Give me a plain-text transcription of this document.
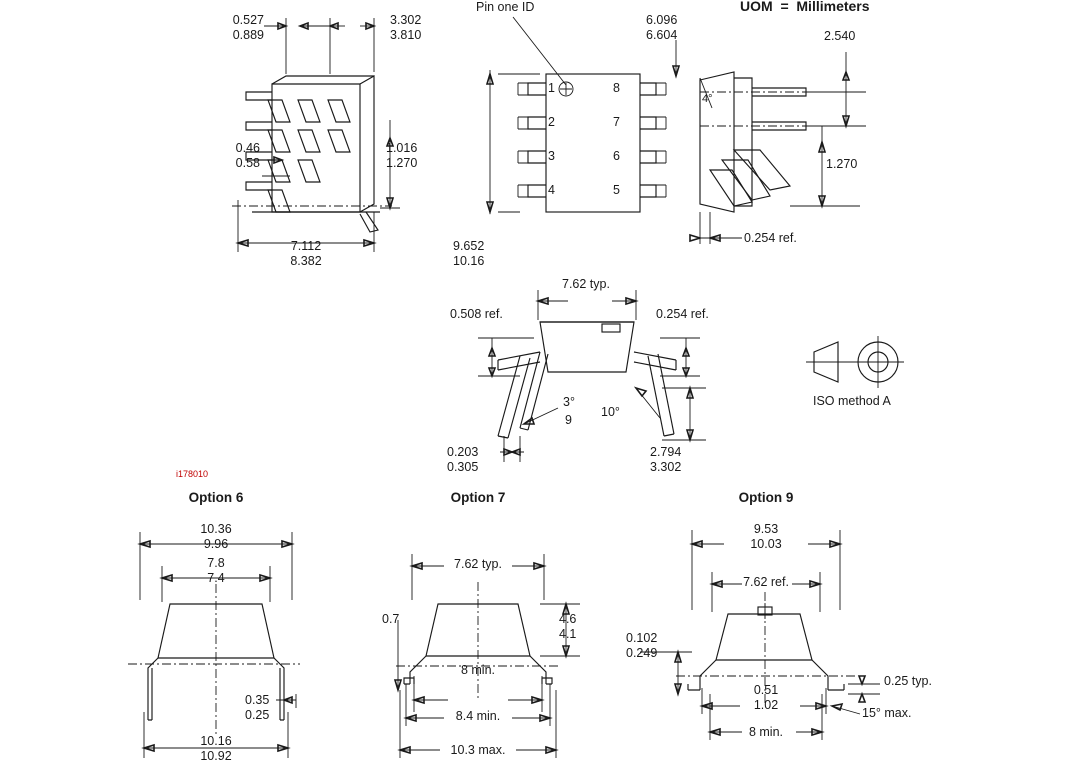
Pin one ID	UOM  =  Millimeters
0.527
0.889
3.302
3.810
0.46
0.58
1.016
1.270
7.112
8.382
1
2
3
4
8
7
6
5
6.096
6.604
9.652
10.16
4°
2.540
1.270
0.254 ref.
7.62 typ.
0.508 ref.	0.254 ref.
3°
9
10°
0.203
0.305
2.794
3.302
ISO method A
i178010
Option 6	Option 7	Option 9
10.36
9.96
7.8
7.4
0.35
0.25
10.16
10.92
7.62 typ.
0.7	4.6
4.1
8 min.
8.4 min.
10.3 max.
9.53
10.03
7.62 ref.
0.102
0.249
0.51
1.02
0.25 typ.
15° max.
8 min.
